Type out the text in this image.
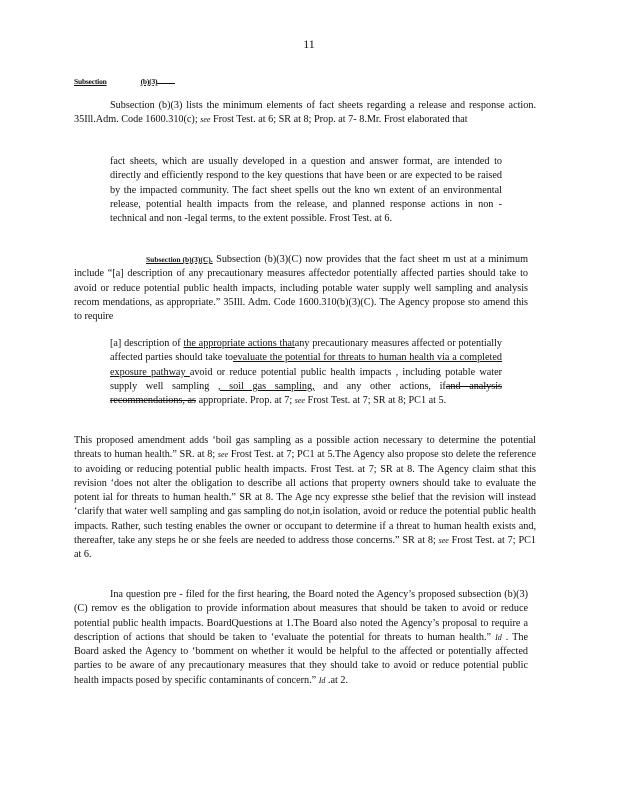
11
Subsection	(b)(3)

Subsection (b)(3) lists the minimum elements of fact sheets regarding a release and response action. 35Ill.Adm. Code 1600.310(c); see Frost Test. at 6; SR at 8; Prop. at 7- 8.Mr. Frost elaborated that

fact sheets, which are usually developed in a question and answer format, are intended to directly and efficiently respond to the key questions that have been or are expected to be raised by the impacted community. The fact sheet spells out the kno wn extent of an environmental release, potential health impacts from the release, and planned response actions in non -technical and non -legal terms, to the extent possible. Frost Test. at 6.

Subsection (b)(3)(C). Subsection (b)(3)(C) now provides that the fact sheet m ust at a minimum include “[a] description of any precautionary measures affectedor potentially affected parties should take to avoid or reduce potential public health impacts, including potable water supply well sampling and analysis recom mendations, as appropriate.” 35Ill. Adm. Code 1600.310(b)(3)(C). The Agency propose sto amend this to require

[a] description of the appropriate actions thatany precautionary measures affected or potentially affected parties should take toevaluate the potential for threats to human health via a completed exposure pathway avoid or reduce potential public health impacts , including potable water supply well sampling , soil gas sampling, and any other actions, ifand analysis recommendations, as appropriate. Prop. at 7; see Frost Test. at 7; SR at 8; PC1 at 5.

This proposed amendment adds ‘boil gas sampling as a possible action necessary to determine the potential threats to human health.” SR. at 8; see Frost Test. at 7; PC1 at 5.The Agency also propose sto delete the reference to avoiding or reducing potential public health impacts. Frost Test. at 7; SR at 8. The Agency claim sthat this revision ‘does not alter the obligation to describe all actions that property owners should take to evaluate the potent ial for threats to human health.” SR at 8. The Age ncy expresse sthe belief that the revision will instead ‘clarify that water well sampling and gas sampling do not,in isolation, avoid or reduce the potential public health impacts. Rather, such testing enables the owner or occupant to determine if a threat to human health exists and, thereafter, take any steps he or she feels are needed to address those concerns.” SR at 8; see Frost Test. at 7; PC1 at 6.

Ina question pre - filed for the first hearing, the Board noted the Agency’s proposed subsection (b)(3)(C) remov es the obligation to provide information about measures that should be taken to avoid or reduce potential public health impacts. BoardQuestions at 1.The Board also noted the Agency’s proposal to require a description of actions that should be taken to ‘evaluate the potential for threats to human health.” Id . The Board asked the Agency to ‘bomment on whether it would be helpful to the affected or potentially affected parties to be aware of any precautionary measures that they should take to avoid or reduce potential public health impacts posed by specific contaminants of concern.” Id .at 2.
